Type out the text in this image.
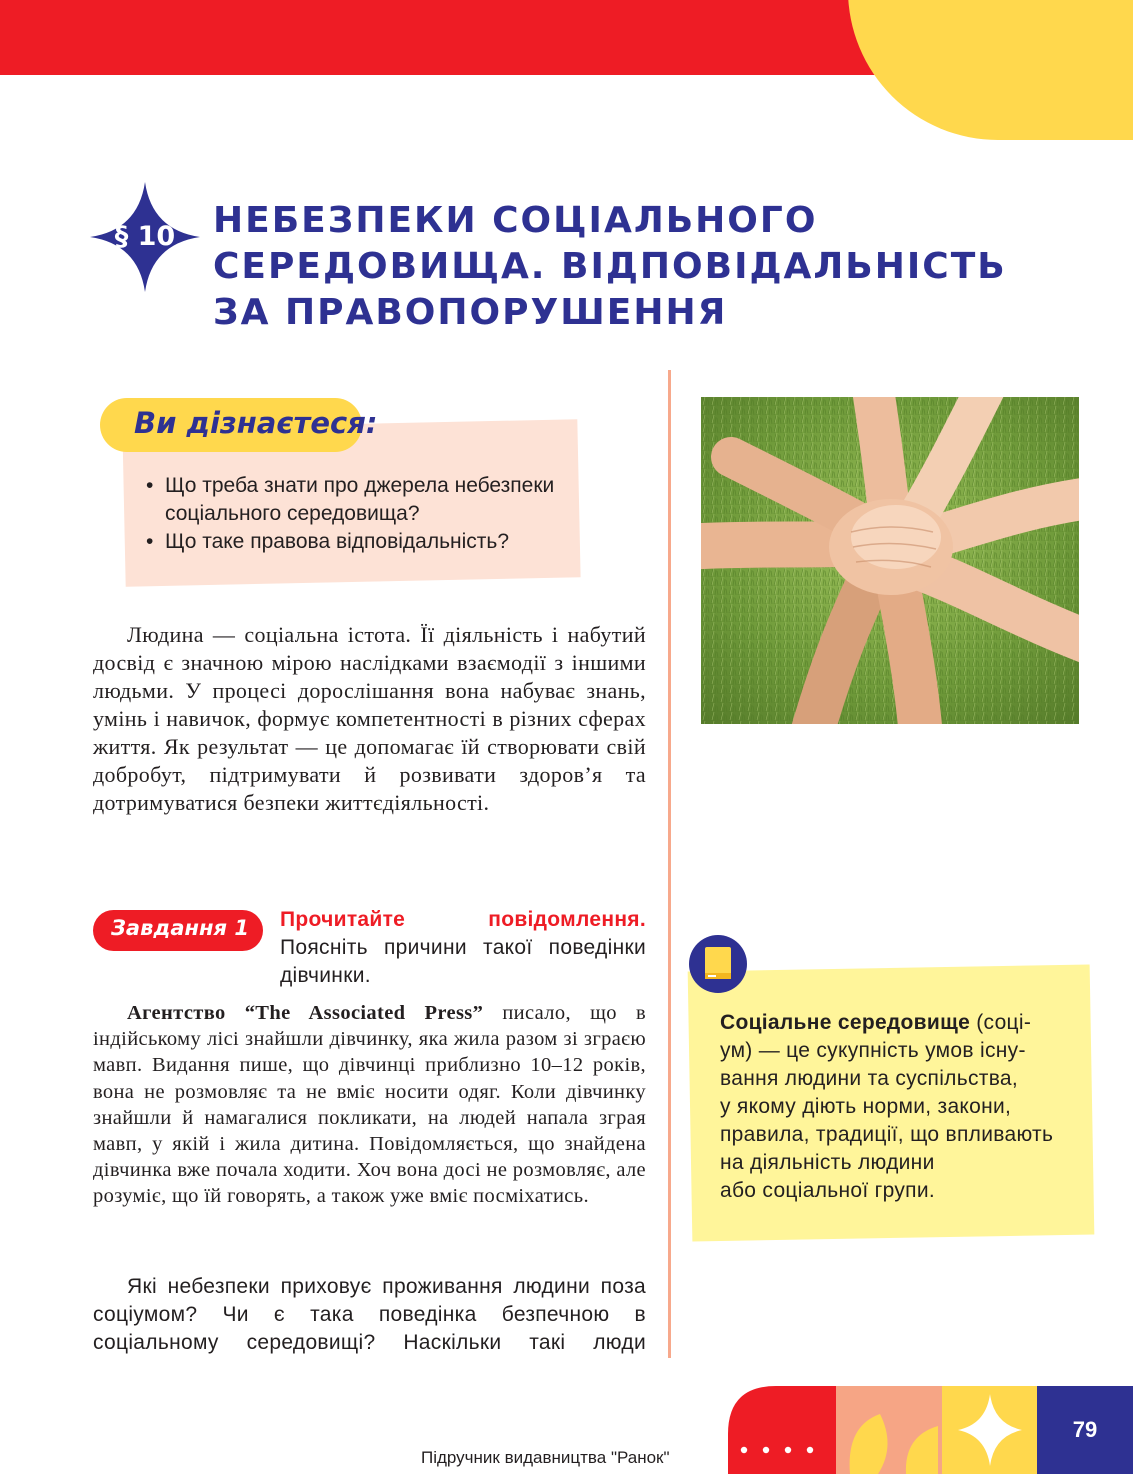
§ 10	НЕБЕЗПЕКИ СОЦІАЛЬНОГО
СЕРЕДОВИЩА. ВІДПОВІДАЛЬНІСТЬ
ЗА ПРАВОПОРУШЕННЯ
Ви дізнаєтеся:
• Що треба знати про джерела небезпеки соціального середовища?
• Що таке правова відповідальність?

Людина — соціальна істота. Її діяльність і набутий досвід є значною мірою наслідками взаємодії з іншими людьми. У процесі дорослішання вона набуває знань, умінь і навичок, формує компетентності в різних сферах життя. Як результат — це допомагає їй створювати свій добробут, підтримувати й розвивати здоров’я та дотримуватися безпеки життєдіяльності.

Завдання 1 Прочитайте повідомлення. Поясніть причини такої поведінки дівчинки.

Агентство “The Associated Press” писало, що в індійському лісі знайшли дівчинку, яка жила разом зі зграєю мавп. Видання пише, що дівчинці приблизно 10–12 років, вона не розмовляє та не вміє носити одяг. Коли дівчинку знайшли й намагалися покликати, на людей напала зграя мавп, у якій і жила дитина. Повідомляється, що знайдена дівчинка вже почала ходити. Хоч вона досі не розмовляє, але розуміє, що їй говорять, а також уже вміє посміхатись.

Які небезпеки приховує проживання людини поза соціумом? Чи є така поведінка безпечною в соціальному середовищі? Наскільки такі люди

Соціальне середовище (соці-
ум) — це сукупність умов існу-
вання людини та суспільства,
у якому діють норми, закони,
правила, традиції, що впливають
на діяльність людини
або соціальної групи.
79
Підручник видавництва "Ранок"
